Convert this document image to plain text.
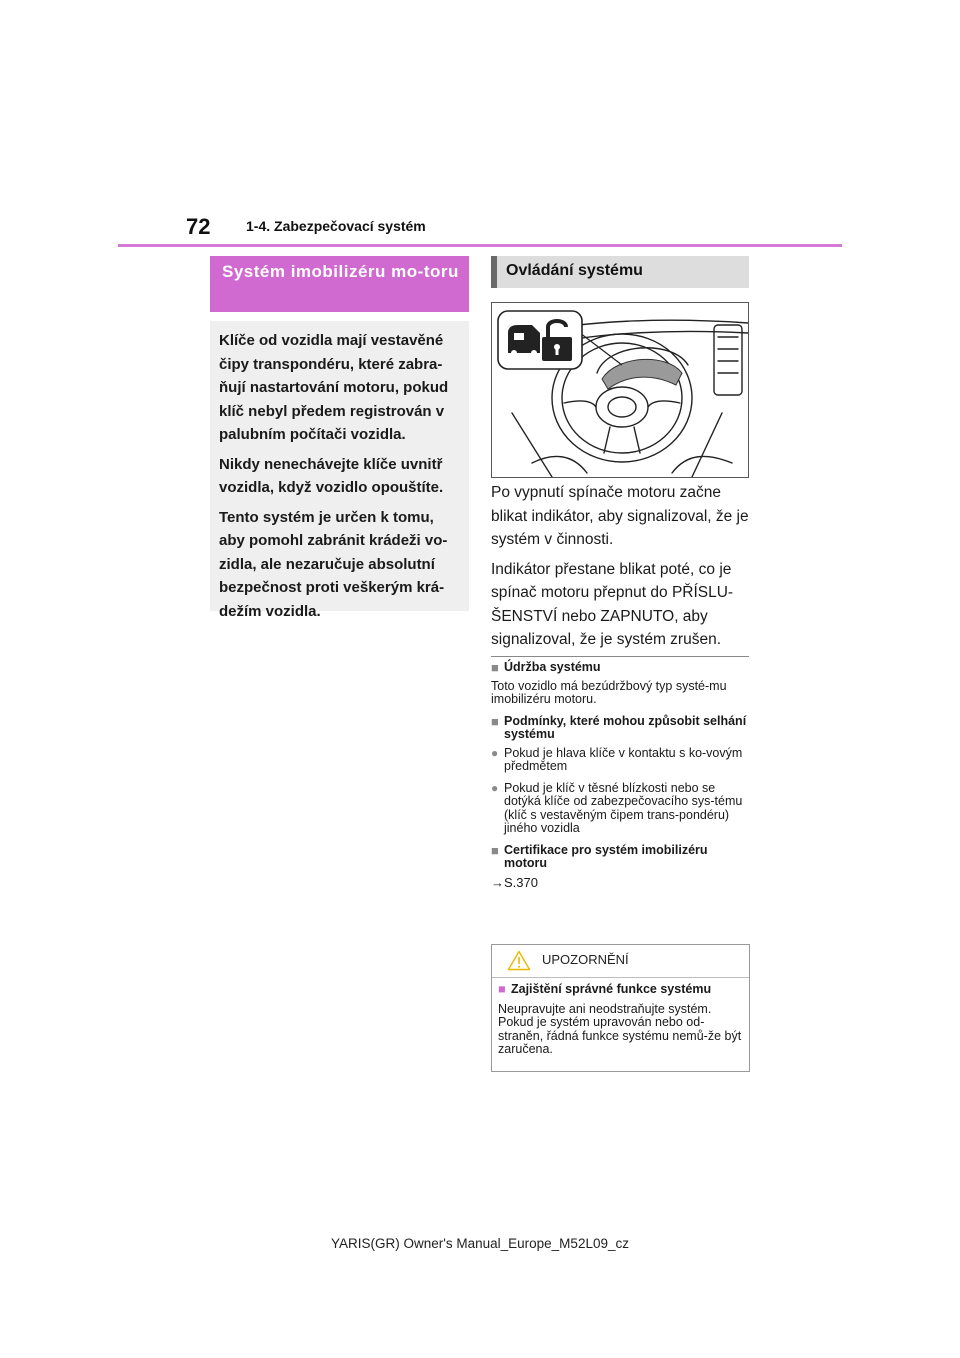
72	1-4. Zabezpečovací systém
Systém imobilizéru mo-toru

Klíče od vozidla mají vestavěné čipy transpondéru, které zabra-ňují nastartování motoru, pokud klíč nebyl předem registrován v palubním počítači vozidla.

Nikdy nenechávejte klíče uvnitř vozidla, když vozidlo opouštíte.

Tento systém je určen k tomu, aby pomohl zabránit krádeži vo-zidla, ale nezaručuje absolutní bezpečnost proti veškerým krá-dežím vozidla.

Ovládání systému

Po vypnutí spínače motoru začne blikat indikátor, aby signalizoval, že je systém v činnosti.

Indikátor přestane blikat poté, co je spínač motoru přepnut do PŘÍSLU-ŠENSTVÍ nebo ZAPNUTO, aby signalizoval, že je systém zrušen.

■ Údržba systému

Toto vozidlo má bezúdržbový typ systé-mu imobilizéru motoru.

■ Podmínky, které mohou způsobit selhání systému
● Pokud je hlava klíče v kontaktu s ko-vovým předmětem
● Pokud je klíč v těsné blízkosti nebo se dotýká klíče od zabezpečovacího sys-tému (klíč s vestavěným čipem trans-pondéru) jiného vozidla
■ Certifikace pro systém imobilizéru motoru
→S.370
UPOZORNĚNÍ
■ Zajištění správné funkce systému
Neupravujte ani neodstraňujte systém. Pokud je systém upravován nebo od-straněn, řádná funkce systému nemů-že být zaručena.
YARIS(GR) Owner's Manual_Europe_M52L09_cz
